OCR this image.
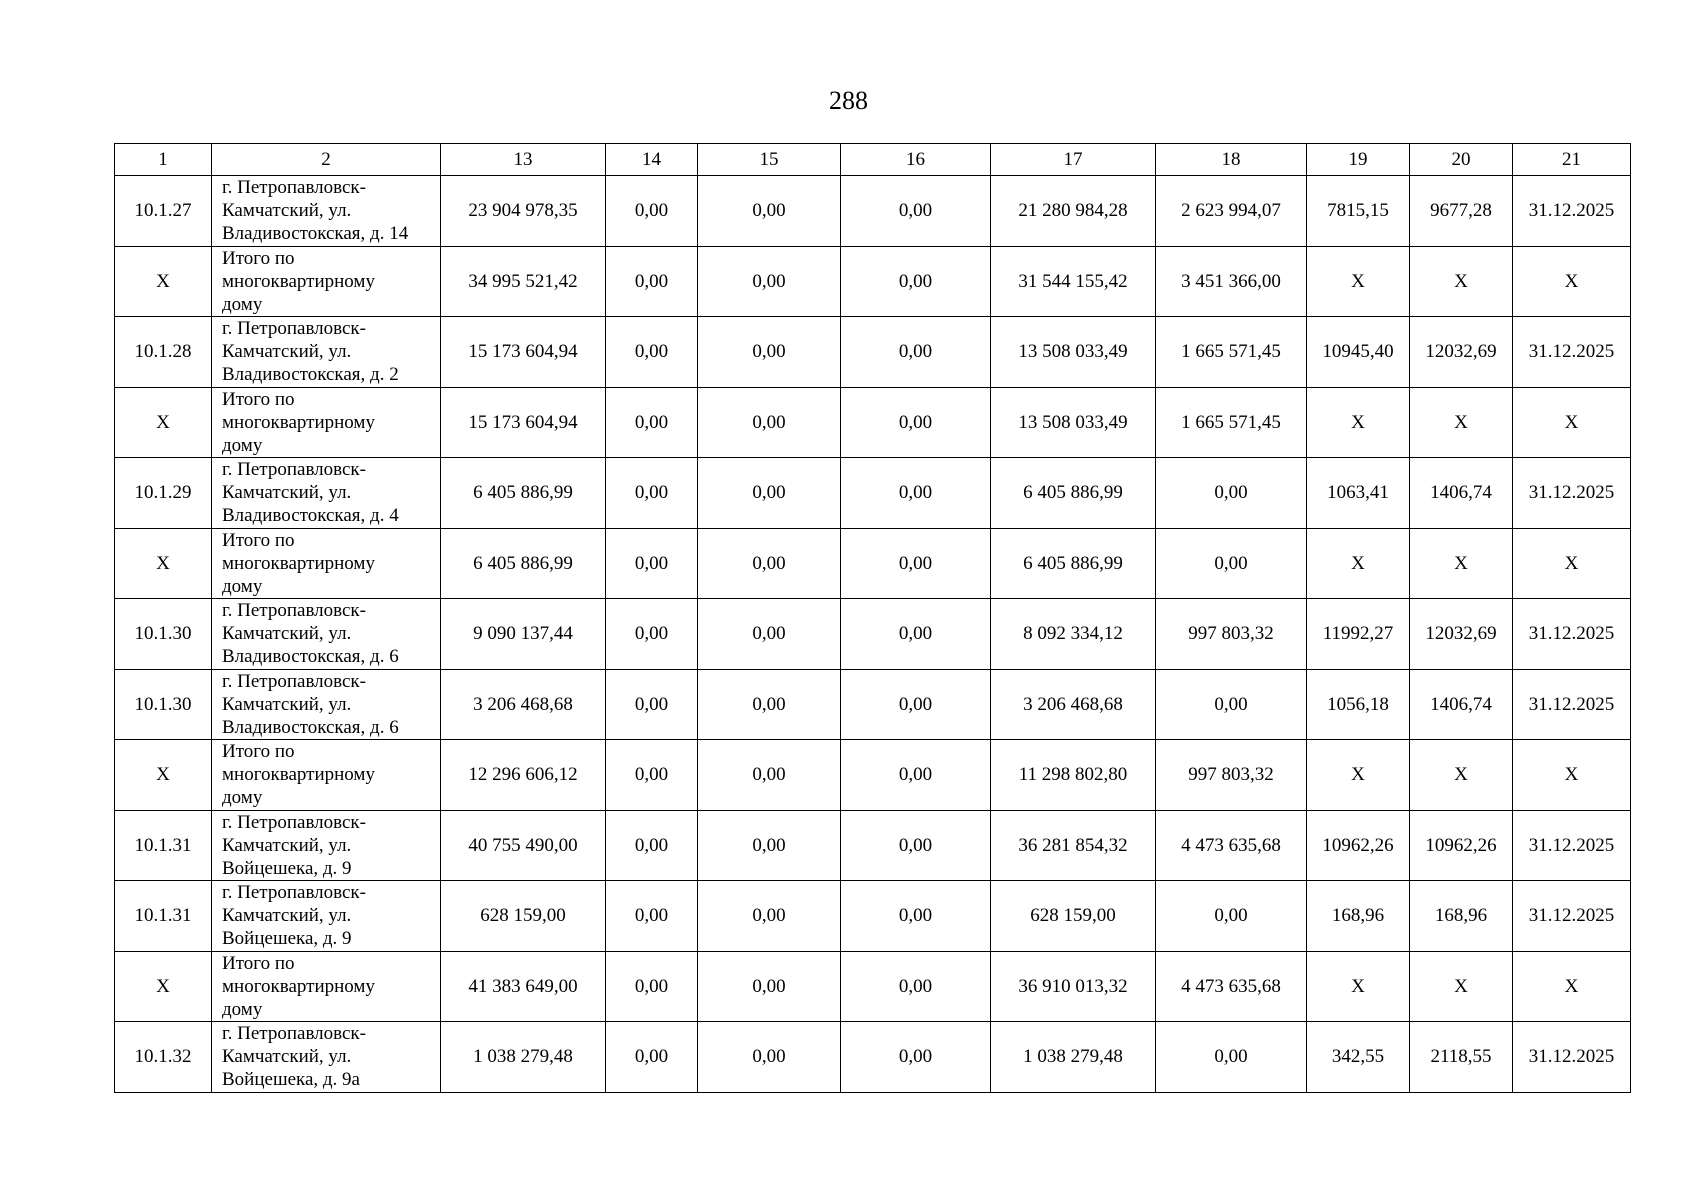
288
1	2	13	14	15	16	17	18	19	20	21
10.1.27	г. Петропавловск-
Камчатский, ул.
Владивостокская, д. 14	23 904 978,35	0,00	0,00	0,00	21 280 984,28	2 623 994,07	7815,15	9677,28	31.12.2025
X	Итого по
многоквартирному
дому	34 995 521,42	0,00	0,00	0,00	31 544 155,42	3 451 366,00	X	X	X
10.1.28	г. Петропавловск-
Камчатский, ул.
Владивостокская, д. 2	15 173 604,94	0,00	0,00	0,00	13 508 033,49	1 665 571,45	10945,40	12032,69	31.12.2025
X	Итого по
многоквартирному
дому	15 173 604,94	0,00	0,00	0,00	13 508 033,49	1 665 571,45	X	X	X
10.1.29	г. Петропавловск-
Камчатский, ул.
Владивостокская, д. 4	6 405 886,99	0,00	0,00	0,00	6 405 886,99	0,00	1063,41	1406,74	31.12.2025
X	Итого по
многоквартирному
дому	6 405 886,99	0,00	0,00	0,00	6 405 886,99	0,00	X	X	X
10.1.30	г. Петропавловск-
Камчатский, ул.
Владивостокская, д. 6	9 090 137,44	0,00	0,00	0,00	8 092 334,12	997 803,32	11992,27	12032,69	31.12.2025
10.1.30	г. Петропавловск-
Камчатский, ул.
Владивостокская, д. 6	3 206 468,68	0,00	0,00	0,00	3 206 468,68	0,00	1056,18	1406,74	31.12.2025
X	Итого по
многоквартирному
дому	12 296 606,12	0,00	0,00	0,00	11 298 802,80	997 803,32	X	X	X
10.1.31	г. Петропавловск-
Камчатский, ул.
Войцешека, д. 9	40 755 490,00	0,00	0,00	0,00	36 281 854,32	4 473 635,68	10962,26	10962,26	31.12.2025
10.1.31	г. Петропавловск-
Камчатский, ул.
Войцешека, д. 9	628 159,00	0,00	0,00	0,00	628 159,00	0,00	168,96	168,96	31.12.2025
X	Итого по
многоквартирному
дому	41 383 649,00	0,00	0,00	0,00	36 910 013,32	4 473 635,68	X	X	X
10.1.32	г. Петропавловск-
Камчатский, ул.
Войцешека, д. 9а	1 038 279,48	0,00	0,00	0,00	1 038 279,48	0,00	342,55	2118,55	31.12.2025
